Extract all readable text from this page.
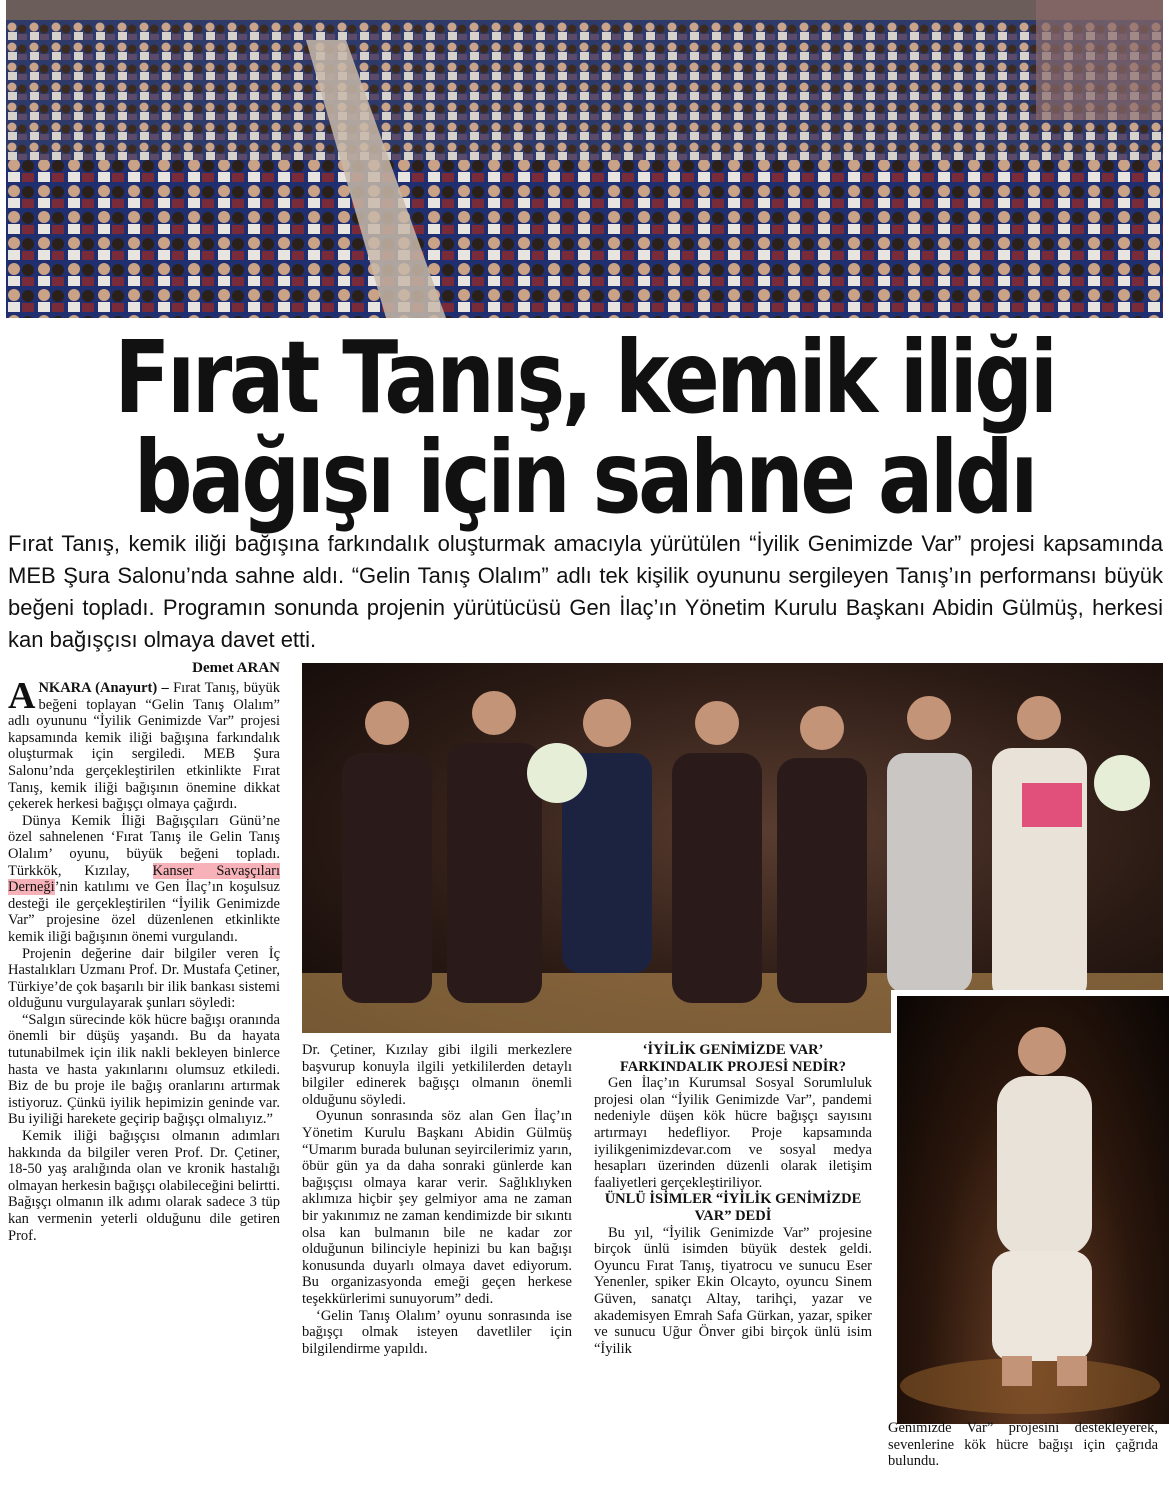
Fırat Tanış, kemik iliği
bağışı için sahne aldı
Fırat Tanış, kemik iliği bağışına farkındalık oluşturmak amacıyla yürütülen “İyilik Genimizde Var” projesi kapsamında MEB Şura Salonu’nda sahne aldı. “Gelin Tanış Olalım” adlı tek kişilik oyununu sergileyen Tanış’ın performansı büyük beğeni topladı. Programın sonunda projenin yürütücüsü Gen İlaç’ın Yönetim Kurulu Başkanı Abidin Gülmüş, herkesi kan bağışçısı olmaya davet etti.
Demet ARAN

ANKARA (Anayurt) – Fırat Tanış, büyük beğeni toplayan “Gelin Tanış Olalım” adlı oyununu “İyilik Genimizde Var” projesi kapsamında kemik iliği bağışına farkındalık oluşturmak için sergiledi. MEB Şura Salonu’nda gerçekleştirilen etkinlikte Fırat Tanış, kemik iliği bağışının önemine dikkat çekerek herkesi bağışçı olmaya çağırdı.

Dünya Kemik İliği Bağışçıları Günü’ne özel sahnelenen ‘Fırat Tanış ile Gelin Tanış Olalım’ oyunu, büyük beğeni topladı. Türkkök, Kızılay, Kanser Savaşçıları Derneği’nin katılımı ve Gen İlaç’ın koşulsuz desteği ile gerçekleştirilen “İyilik Genimizde Var” projesine özel düzenlenen etkinlikte kemik iliği bağışının önemi vurgulandı.

Projenin değerine dair bilgiler veren İç Hastalıkları Uzmanı Prof. Dr. Mustafa Çetiner, Türkiye’de çok başarılı bir ilik bankası sistemi olduğunu vurgulayarak şunları söyledi:

“Salgın sürecinde kök hücre bağışı oranında önemli bir düşüş yaşandı. Bu da hayata tutunabilmek için ilik nakli bekleyen binlerce hasta ve hasta yakınlarını olumsuz etkiledi. Biz de bu proje ile bağış oranlarını artırmak istiyoruz. Çünkü iyilik hepimizin geninde var. Bu iyiliği harekete geçirip bağışçı olmalıyız.”

Kemik iliği bağışçısı olmanın adımları hakkında da bilgiler veren Prof. Dr. Çetiner, 18-50 yaş aralığında olan ve kronik hastalığı olmayan herkesin bağışçı olabileceğini belirtti. Bağışçı olmanın ilk adımı olarak sadece 3 tüp kan vermenin yeterli olduğunu dile getiren Prof.

Dr. Çetiner, Kızılay gibi ilgili merkezlere başvurup konuyla ilgili yetkililerden detaylı bilgiler edinerek bağışçı olmanın önemli olduğunu söyledi.

Oyunun sonrasında söz alan Gen İlaç’ın Yönetim Kurulu Başkanı Abidin Gülmüş “Umarım burada bulunan seyircilerimiz yarın, öbür gün ya da daha sonraki günlerde kan bağışçısı olmaya karar verir. Sağlıklıyken aklımıza hiçbir şey gelmiyor ama ne zaman bir yakınımız ne zaman kendimizde bir sıkıntı olsa kan bulmanın bile ne kadar zor olduğunun bilinciyle hepinizi bu kan bağışı konusunda duyarlı olmaya davet ediyorum. Bu organizasyonda emeği geçen herkese teşekkürlerimi sunuyorum” dedi.

‘Gelin Tanış Olalım’ oyunu sonrasında ise bağışçı olmak isteyen davetliler için bilgilendirme yapıldı.

‘İYİLİK GENİMİZDE VAR’ FARKINDALIK PROJESİ NEDİR?

Gen İlaç’ın Kurumsal Sosyal Sorumluluk projesi olan “İyilik Genimizde Var”, pandemi nedeniyle düşen kök hücre bağışçı sayısını artırmayı hedefliyor. Proje kapsamında iyilikgenimizdevar.com ve sosyal medya hesapları üzerinden düzenli olarak iletişim faaliyetleri gerçekleştiriliyor.

ÜNLÜ İSİMLER “İYİLİK GENİMİZDE VAR” DEDİ

Bu yıl, “İyilik Genimizde Var” projesine birçok ünlü isimden büyük destek geldi. Oyuncu Fırat Tanış, tiyatrocu ve sunucu Eser Yenenler, spiker Ekin Olcayto, oyuncu Sinem Güven, sanatçı Altay, tarihçi, yazar ve akademisyen Emrah Safa Gürkan, yazar, spiker ve sunucu Uğur Önver gibi birçok ünlü isim “İyilik

Genimizde Var” projesini destekleyerek, sevenlerine kök hücre bağışı için çağrıda bulundu.
